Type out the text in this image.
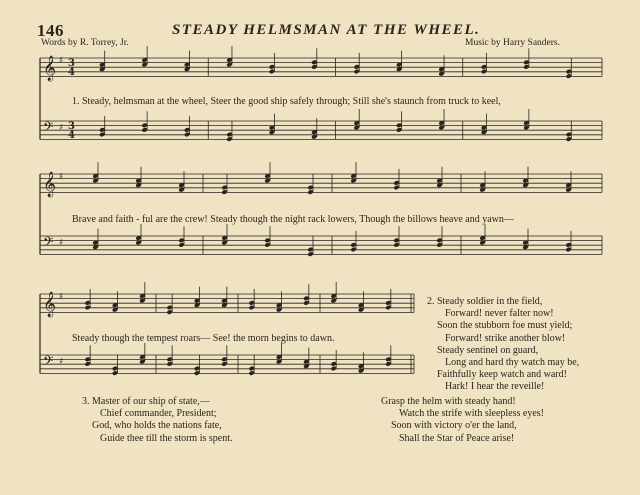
146	STEADY HELMSMAN AT THE WHEEL.
Words by R. Torrey, Jr.	Music by Harry Sanders.
𝄞
𝄢
♯
♯
3
3
4
4
𝄞
𝄢
♯
♯
𝄞
𝄢
♯
♯
1. Steady, helmsman at the wheel, Steer the good ship safely through; Still she's staunch from truck to keel,
Brave and faith - ful are the crew! Steady though the night rack lowers, Though the billows heave and yawn—
Steady though the tempest roars— See! the morn begins to dawn.
2. Steady soldier in the field,
Forward! never falter now!
Soon the stubborn foe must yield;
Forward! strike another blow!
Steady sentinel on guard,
Long and hard thy watch may be,
Faithfully keep watch and ward!
Hark! I hear the reveille!
3. Master of our ship of state,—
Chief commander, President;
God, who holds the nations fate,
Guide thee till the storm is spent.
Grasp the helm with steady hand!
Watch the strife with sleepless eyes!
Soon with victory o'er the land,
Shall the Star of Peace arise!
